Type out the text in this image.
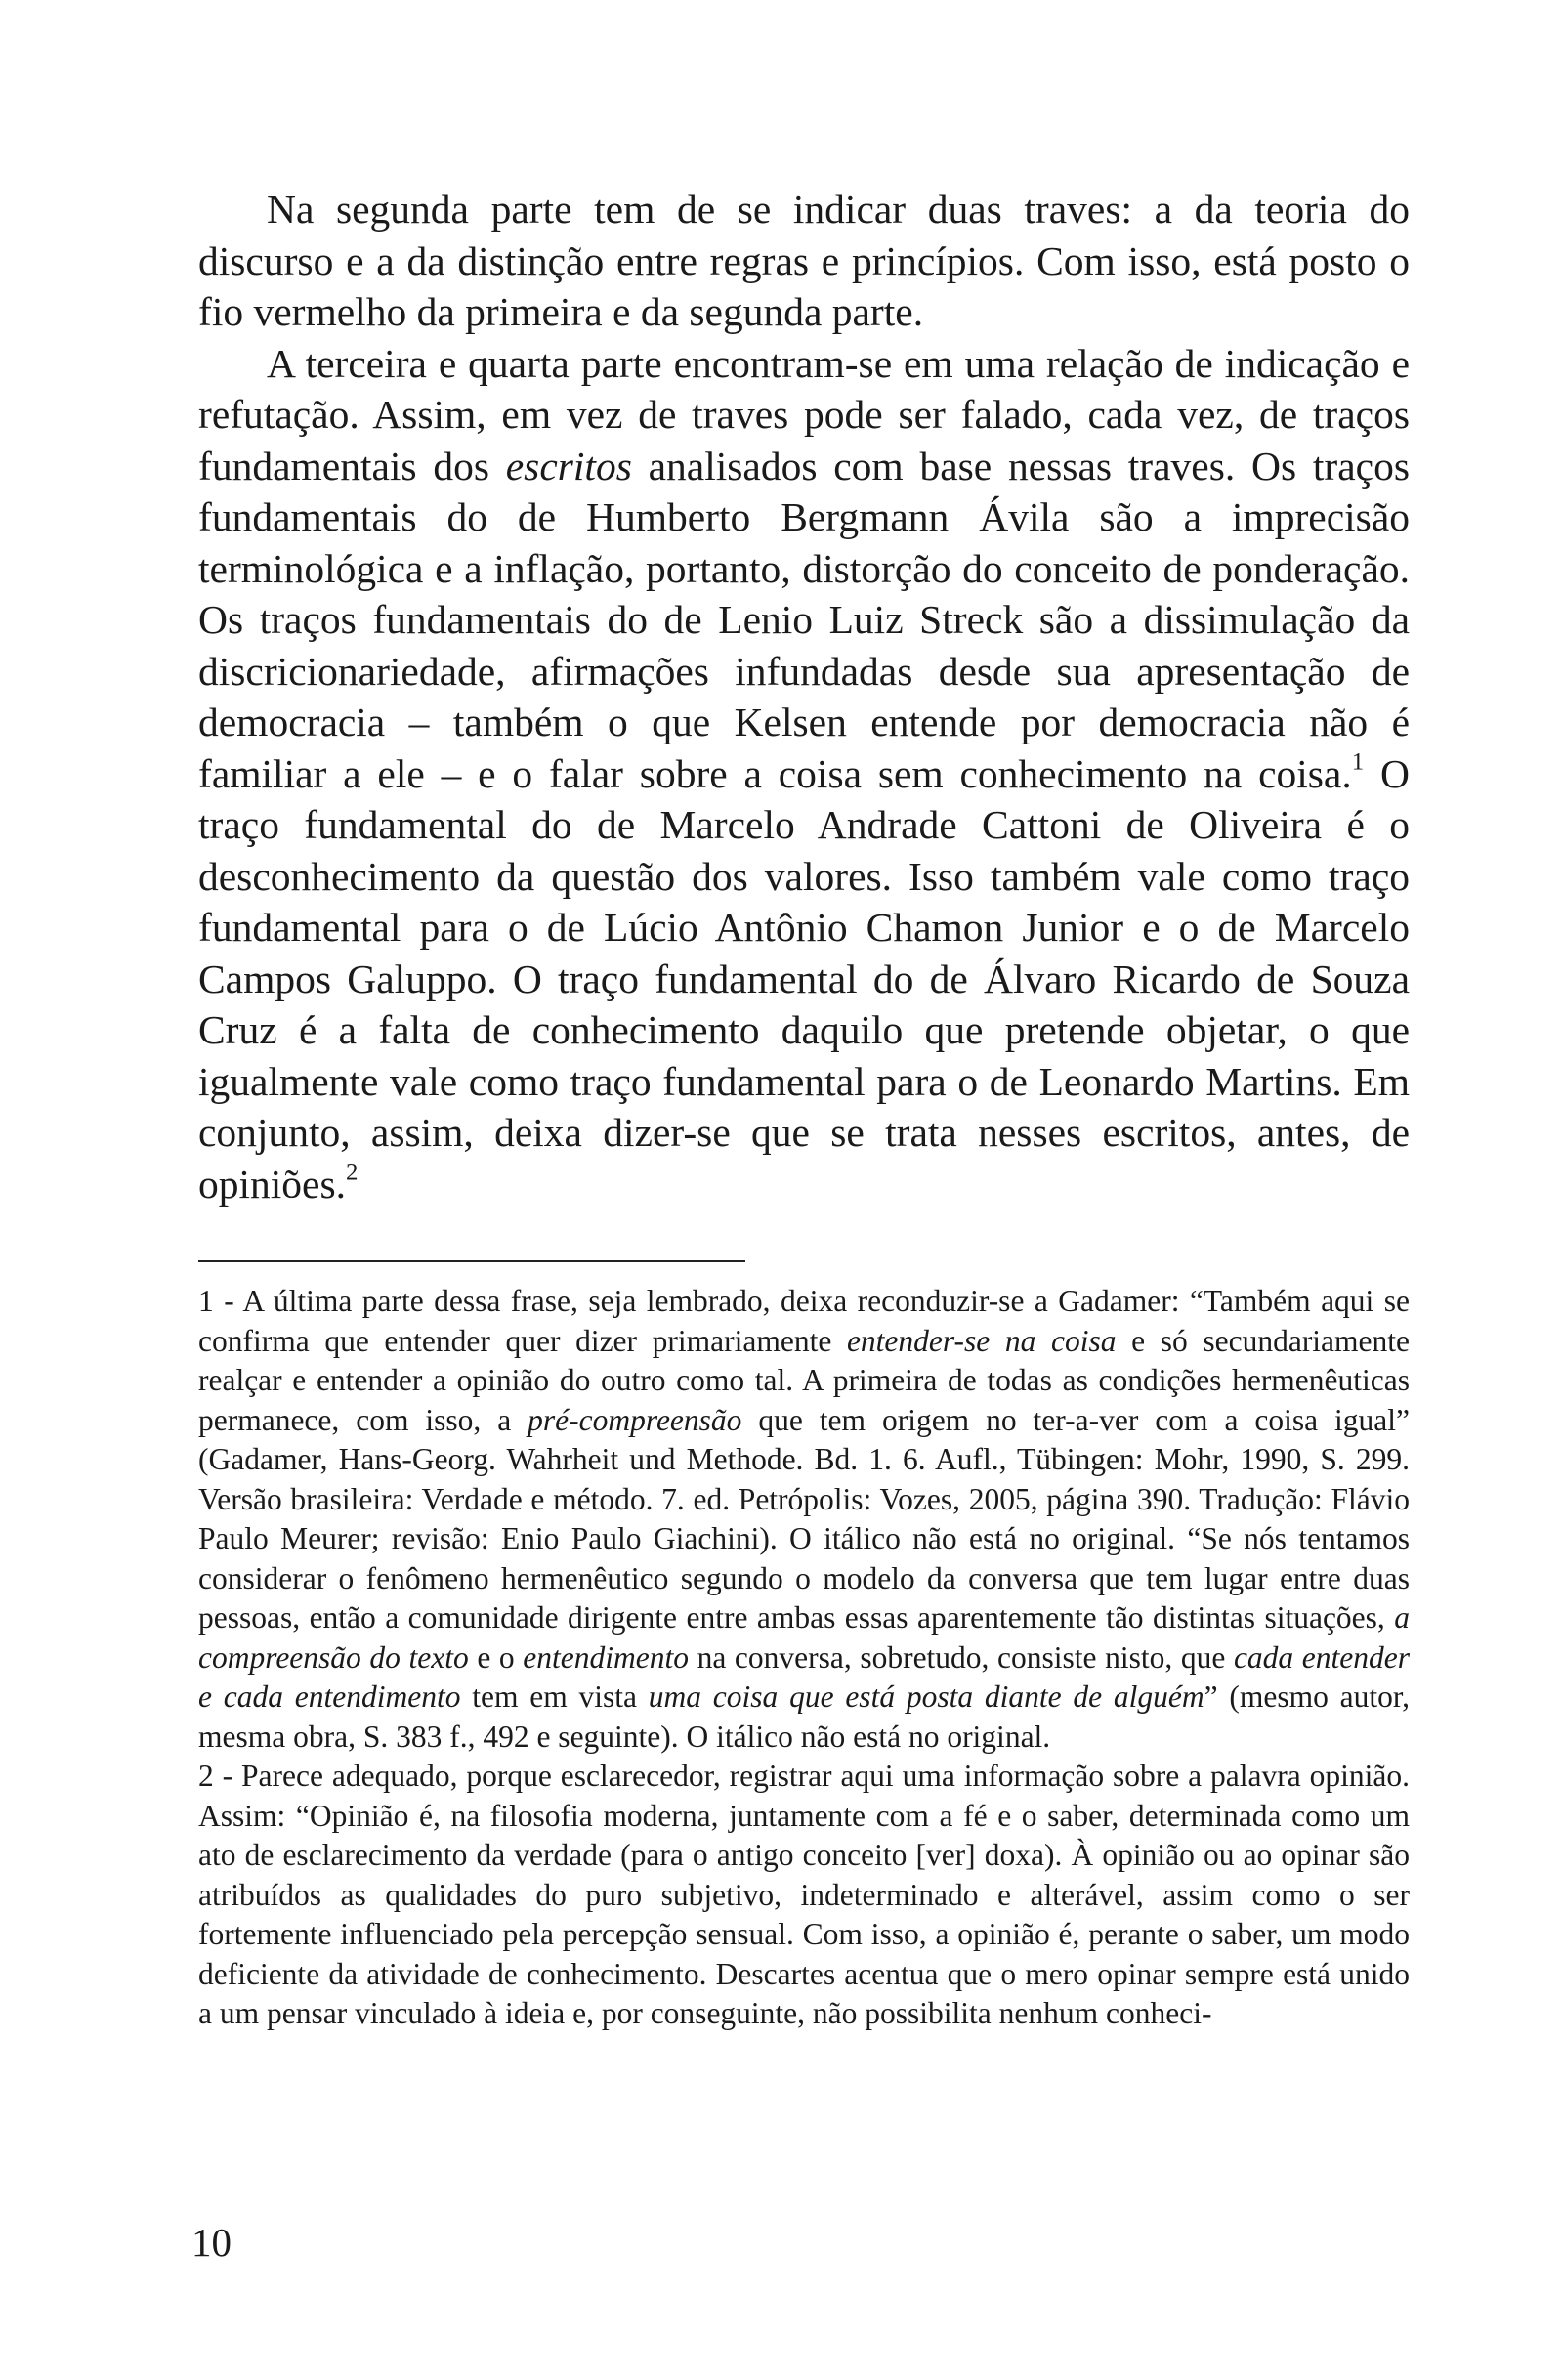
Na segunda parte tem de se indicar duas traves: a da teoria do discurso e a da distinção entre regras e princípios. Com isso, está posto o fio vermelho da primeira e da segunda parte.

A terceira e quarta parte encontram-se em uma relação de indicação e refutação. Assim, em vez de traves pode ser falado, cada vez, de traços fundamentais dos escritos analisados com base nessas traves. Os traços fundamentais do de Humberto Bergmann Ávila são a imprecisão terminológica e a inflação, portanto, distorção do conceito de ponderação. Os traços fundamentais do de Lenio Luiz Streck são a dissimulação da discricionariedade, afirmações infundadas desde sua apresentação de democracia – também o que Kelsen entende por democracia não é familiar a ele – e o falar sobre a coisa sem conhecimento na coisa.$^1$ O traço fundamental do de Marcelo Andrade Cattoni de Oliveira é o desconhecimento da questão dos valores. Isso também vale como traço fundamental para o de Lúcio Antônio Chamon Junior e o de Marcelo Campos Galuppo. O traço fundamental do de Álvaro Ricardo de Souza Cruz é a falta de conhecimento daquilo que pretende objetar, o que igualmente vale como traço fundamental para o de Leonardo Martins. Em conjunto, assim, deixa dizer-se que se trata nesses escritos, antes, de opiniões.$^2$

1 - A última parte dessa frase, seja lembrado, deixa reconduzir-se a Gadamer: “Também aqui se confirma que entender quer dizer primariamente entender-se na coisa e só secundariamente realçar e entender a opinião do outro como tal. A primeira de todas as condições hermenêuticas permanece, com isso, a pré-compreensão que tem origem no ter-a-ver com a coisa igual” (Gadamer, Hans-Georg. Wahrheit und Methode. Bd. 1. 6. Aufl., Tübingen: Mohr, 1990, S. 299. Versão brasileira: Verdade e método. 7. ed. Petrópolis: Vozes, 2005, página 390. Tradução: Flávio Paulo Meurer; revisão: Enio Paulo Giachini). O itálico não está no original. “Se nós tentamos considerar o fenômeno hermenêutico segundo o modelo da conversa que tem lugar entre duas pessoas, então a comunidade dirigente entre ambas essas aparentemente tão distintas situações, a compreensão do texto e o entendimento na conversa, sobretudo, consiste nisto, que cada entender e cada entendimento tem em vista uma coisa que está posta diante de alguém” (mesmo autor, mesma obra, S. 383 f., 492 e seguinte). O itálico não está no original.

2 - Parece adequado, porque esclarecedor, registrar aqui uma informação sobre a palavra opinião. Assim: “Opinião é, na filosofia moderna, juntamente com a fé e o saber, determinada como um ato de esclarecimento da verdade (para o antigo conceito [ver] doxa). À opinião ou ao opinar são atribuídos as qualidades do puro subjetivo, indeterminado e alterável, assim como o ser fortemente influenciado pela percepção sensual. Com isso, a opinião é, perante o saber, um modo deficiente da atividade de conhecimento. Descartes acentua que o mero opinar sempre está unido a um pensar vinculado à ideia e, por conseguinte, não possibilita nenhum conheci-

10
